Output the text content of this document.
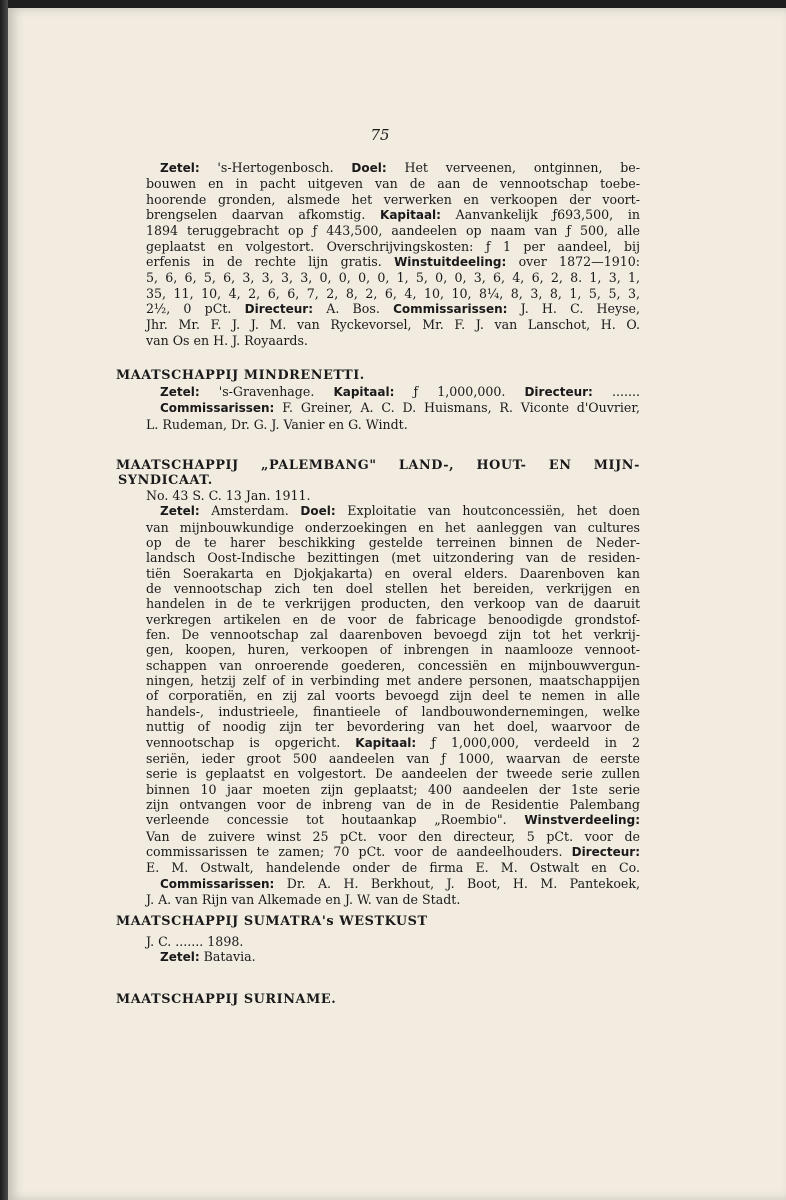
75
Zetel: 's-Hertogenbosch. Doel: Het verveenen, ontginnen, be-
bouwen en in pacht uitgeven van de aan de vennootschap toebe-
hoorende gronden, alsmede het verwerken en verkoopen der voort-
brengselen daarvan afkomstig. Kapitaal: Aanvankelijk ƒ693,500, in
1894 teruggebracht op ƒ 443,500, aandeelen op naam van ƒ 500, alle
geplaatst en volgestort. Overschrijvingskosten: ƒ 1 per aandeel, bij
erfenis in de rechte lijn gratis. Winstuitdeeling: over 1872—1910:
5, 6, 6, 5, 6, 3, 3, 3, 3, 0, 0, 0, 0, 1, 5, 0, 0, 3, 6, 4, 6, 2, 8. 1, 3, 1,
35, 11, 10, 4, 2, 6, 6, 7, 2, 8, 2, 6, 4, 10, 10, 8¼, 8, 3, 8, 1, 5, 5, 3,
2½, 0 pCt. Directeur: A. Bos. Commissarissen: J. H. C. Heyse,
Jhr. Mr. F. J. J. M. van Ryckevorsel, Mr. F. J. van Lanschot, H. O.
van Os en H. J. Royaards.
MAATSCHAPPIJ MINDRENETTI.
Zetel: 's-Gravenhage. Kapitaal: ƒ 1,000,000. Directeur: .......
Commissarissen: F. Greiner, A. C. D. Huismans, R. Viconte d'Ouvrier,
L. Rudeman, Dr. G. J. Vanier en G. Windt.
MAATSCHAPPIJ „PALEMBANG" LAND-, HOUT- EN MIJN-
SYNDICAAT.
No. 43 S. C. 13 Jan. 1911.
Zetel: Amsterdam. Doel: Exploitatie van houtconcessiën, het doen
van mijnbouwkundige onderzoekingen en het aanleggen van cultures
op de te harer beschikking gestelde terreinen binnen de Neder-
landsch Oost-Indische bezittingen (met uitzondering van de residen-
tiën Soerakarta en Djokjakarta) en overal elders. Daarenboven kan
de vennootschap zich ten doel stellen het bereiden, verkrijgen en
handelen in de te verkrijgen producten, den verkoop van de daaruit
verkregen artikelen en de voor de fabricage benoodigde grondstof-
fen. De vennootschap zal daarenboven bevoegd zijn tot het verkrij-
gen, koopen, huren, verkoopen of inbrengen in naamlooze vennoot-
schappen van onroerende goederen, concessiën en mijnbouwvergun-
ningen, hetzij zelf of in verbinding met andere personen, maatschappijen
of corporatiën, en zij zal voorts bevoegd zijn deel te nemen in alle
handels-, industrieele, finantieele of landbouwondernemingen, welke
nuttig of noodig zijn ter bevordering van het doel, waarvoor de
vennootschap is opgericht. Kapitaal: ƒ 1,000,000, verdeeld in 2
seriën, ieder groot 500 aandeelen van ƒ 1000, waarvan de eerste
serie is geplaatst en volgestort. De aandeelen der tweede serie zullen
binnen 10 jaar moeten zijn geplaatst; 400 aandeelen der 1ste serie
zijn ontvangen voor de inbreng van de in de Residentie Palembang
verleende concessie tot houtaankap „Roembio". Winstverdeeling:
Van de zuivere winst 25 pCt. voor den directeur, 5 pCt. voor de
commissarissen te zamen; 70 pCt. voor de aandeelhouders. Directeur:
E. M. Ostwalt, handelende onder de firma E. M. Ostwalt en Co.
Commissarissen: Dr. A. H. Berkhout, J. Boot, H. M. Pantekoek,
J. A. van Rijn van Alkemade en J. W. van de Stadt.
MAATSCHAPPIJ SUMATRA's WESTKUST
J. C. ....... 1898.
Zetel: Batavia.
MAATSCHAPPIJ SURINAME.
